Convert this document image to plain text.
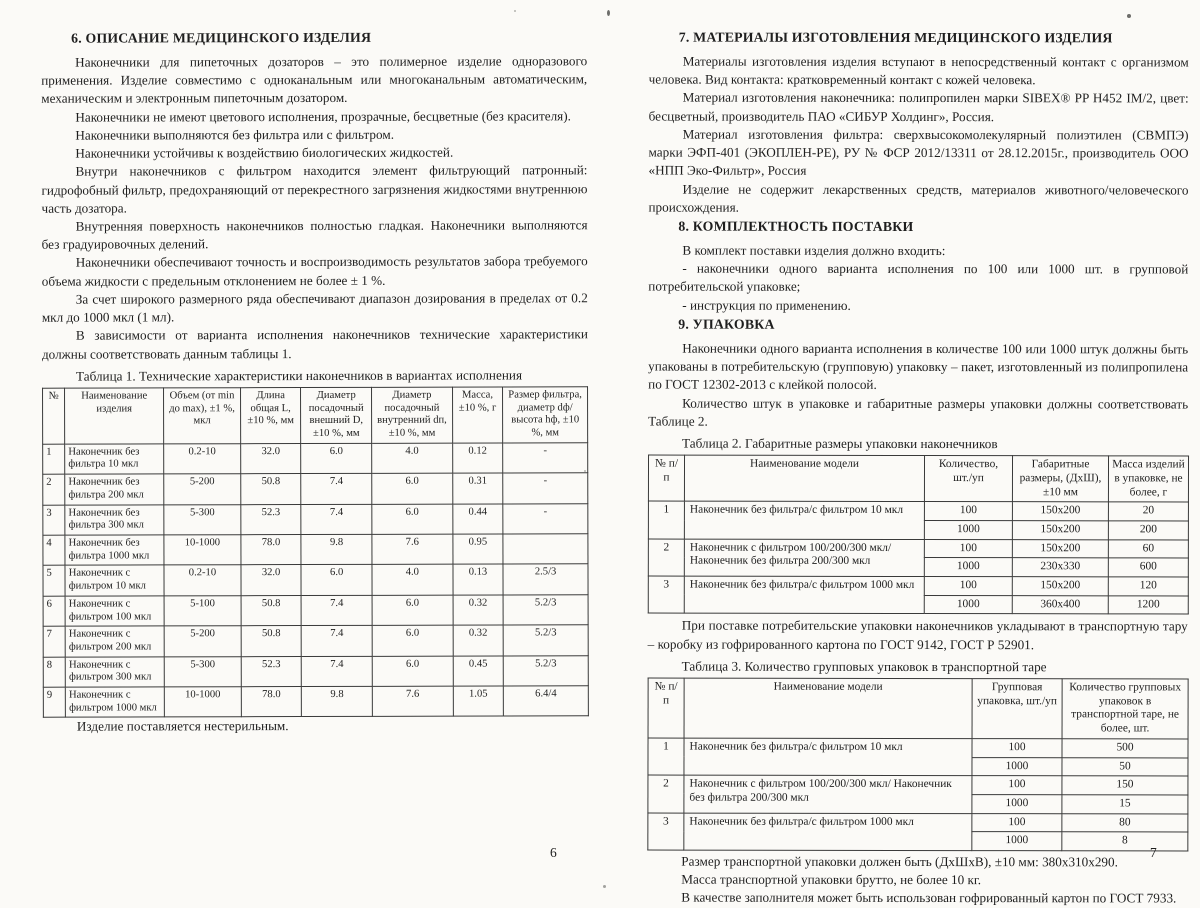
6. ОПИСАНИЕ МЕДИЦИНСКОГО ИЗДЕЛИЯ

Наконечники для пипеточных дозаторов – это полимерное изделие одноразового применения. Изделие совместимо с одноканальным или многоканальным автоматическим, механическим и электронным пипеточным дозатором.

Наконечники не имеют цветового исполнения, прозрачные, бесцветные (без красителя).

Наконечники выполняются без фильтра или с фильтром.

Наконечники устойчивы к воздействию биологических жидкостей.

Внутри наконечников с фильтром находится элемент фильтрующий патронный: гидрофобный фильтр, предохраняющий от перекрестного загрязнения жидкостями внутреннюю часть дозатора.

Внутренняя поверхность наконечников полностью гладкая. Наконечники выполняются без градуировочных делений.

Наконечники обеспечивают точность и воспроизводимость результатов забора требуемого объема жидкости с предельным отклонением не более ± 1 %.

За счет широкого размерного ряда обеспечивают диапазон дозирования в пределах от 0.2 мкл до 1000 мкл (1 мл).

В зависимости от варианта исполнения наконечников технические характеристики должны соответствовать данным таблицы 1.

Таблица 1. Технические характеристики наконечников в вариантах исполнения

№	Наименование изделия	Объем (от min до max), ±1 %, мкл	Длина общая L, ±10 %, мм	Диаметр посадочный внешний D, ±10 %, мм	Диаметр посадочный внутренний dп, ±10 %, мм	Масса, ±10 %, г	Размер фильтра, диаметр dф/ высота hф, ±10 %, мм
1	Наконечник без фильтра 10 мкл	0.2-10	32.0	6.0	4.0	0.12	-
2	Наконечник без фильтра 200 мкл	5-200	50.8	7.4	6.0	0.31	-
3	Наконечник без фильтра 300 мкл	5-300	52.3	7.4	6.0	0.44	-
4	Наконечник без фильтра 1000 мкл	10-1000	78.0	9.8	7.6	0.95	
5	Наконечник с фильтром 10 мкл	0.2-10	32.0	6.0	4.0	0.13	2.5/3
6	Наконечник с фильтром 100 мкл	5-100	50.8	7.4	6.0	0.32	5.2/3
7	Наконечник с фильтром 200 мкл	5-200	50.8	7.4	6.0	0.32	5.2/3
8	Наконечник с фильтром 300 мкл	5-300	52.3	7.4	6.0	0.45	5.2/3
9	Наконечник с фильтром 1000 мкл	10-1000	78.0	9.8	7.6	1.05	6.4/4

Изделие поставляется нестерильным.

7. МАТЕРИАЛЫ ИЗГОТОВЛЕНИЯ МЕДИЦИНСКОГО ИЗДЕЛИЯ

Материалы изготовления изделия вступают в непосредственный контакт с организмом человека. Вид контакта: кратковременный контакт с кожей человека.

Материал изготовления наконечника: полипропилен марки SIBEX® PP H452 IM/2, цвет: бесцветный, производитель ПАО «СИБУР Холдинг», Россия.

Материал изготовления фильтра: сверхвысокомолекулярный полиэтилен (СВМПЭ) марки ЭФП-401 (ЭКОПЛЕН-РЕ), РУ № ФСР 2012/13311 от 28.12.2015г., производитель ООО «НПП Эко-Фильтр», Россия

Изделие не содержит лекарственных средств, материалов животного/человеческого происхождения.

8. КОМПЛЕКТНОСТЬ ПОСТАВКИ

В комплект поставки изделия должно входить:

- наконечники одного варианта исполнения по 100 или 1000 шт. в групповой потребительской упаковке;

- инструкция по применению.

9. УПАКОВКА

Наконечники одного варианта исполнения в количестве 100 или 1000 штук должны быть упакованы в потребительскую (групповую) упаковку – пакет, изготовленный из полипропилена по ГОСТ 12302-2013 с клейкой полосой.

Количество штук в упаковке и габаритные размеры упаковки должны соответствовать Таблице 2.

Таблица 2. Габаритные размеры упаковки наконечников

№ п/п	Наименование модели	Количество, шт./уп	Габаритные размеры, (ДхШ), ±10 мм	Масса изделий в упаковке, не более, г
1	Наконечник без фильтра/с фильтром 10 мкл	100	150x200	20
		1000	150x200	200
2	Наконечник с фильтром 100/200/300 мкл/ Наконечник без фильтра 200/300 мкл	100	150x200	60
		1000	230x330	600
3	Наконечник без фильтра/с фильтром 1000 мкл	100	150x200	120
		1000	360x400	1200

При поставке потребительские упаковки наконечников укладывают в транспортную тару – коробку из гофрированного картона по ГОСТ 9142, ГОСТ Р 52901.

Таблица 3. Количество групповых упаковок в транспортной таре

№ п/п	Наименование модели	Групповая упаковка, шт./уп	Количество групповых упаковок в транспортной таре, не более, шт.
1	Наконечник без фильтра/с фильтром 10 мкл	100	500
		1000	50
2	Наконечник с фильтром 100/200/300 мкл/ Наконечник без фильтра 200/300 мкл	100	150
		1000	15
3	Наконечник без фильтра/с фильтром 1000 мкл	100	80
		1000	8

Размер транспортной упаковки должен быть (ДхШхВ), ±10 мм: 380x310x290.

Масса транспортной упаковки брутто, не более 10 кг.

В качестве заполнителя может быть использован гофрированный картон по ГОСТ 7933.

6	7
